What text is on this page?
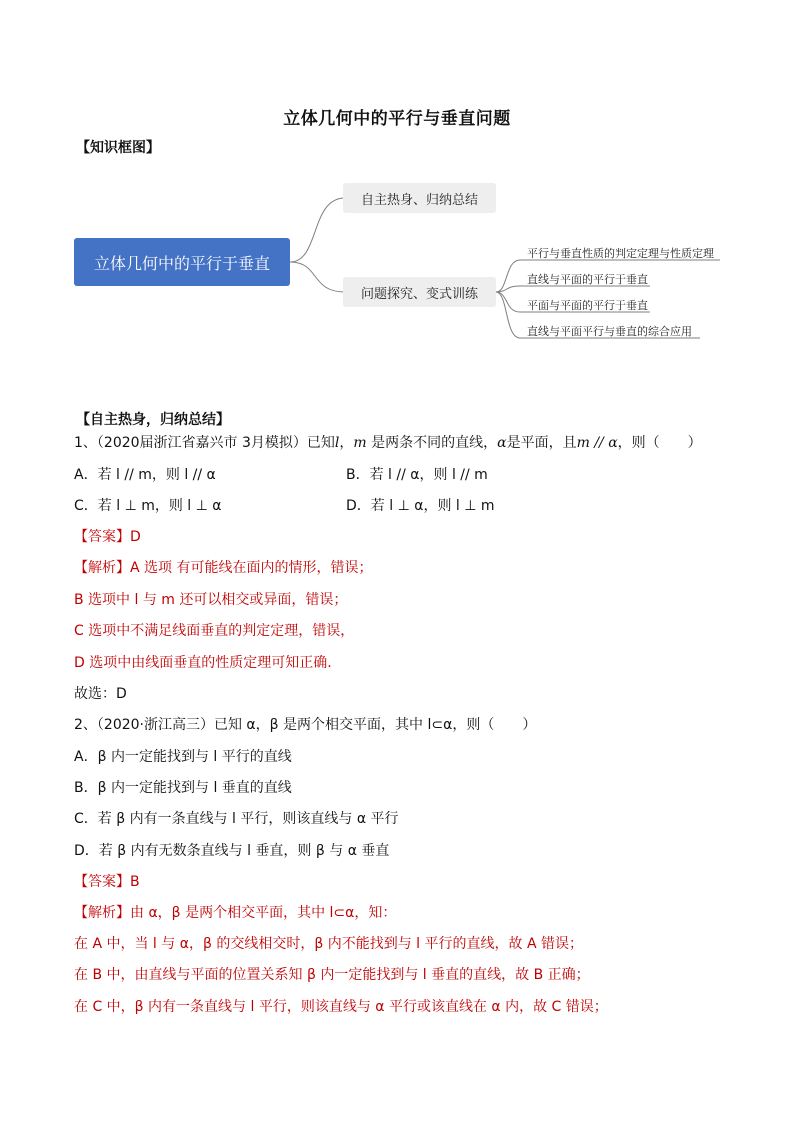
立体几何中的平行与垂直问题
【知识框图】
立体几何中的平行于垂直
自主热身、归纳总结
问题探究、变式训练
平行与垂直性质的判定定理与性质定理
直线与平面的平行于垂直
平面与平面的平行于垂直
直线与平面平行与垂直的综合应用
【自主热身，归纳总结】
1、（2020届浙江省嘉兴市 3月模拟）已知l，m 是两条不同的直线，α是平面，且m // α，则（　　）
A．若 l // m，则 l // α	B．若 l // α，则 l // m
C．若 l ⊥ m，则 l ⊥ α	D．若 l ⊥ α，则 l ⊥ m
【答案】D
【解析】A 选项 有可能线在面内的情形，错误；
B 选项中 l 与 m 还可以相交或异面，错误；
C 选项中不满足线面垂直的判定定理，错误，
D 选项中由线面垂直的性质定理可知正确.
故选：D
2、（2020·浙江高三）已知 α，β 是两个相交平面，其中 l⊂α，则（　　）
A．β 内一定能找到与 l 平行的直线
B．β 内一定能找到与 l 垂直的直线
C．若 β 内有一条直线与 l 平行，则该直线与 α 平行
D．若 β 内有无数条直线与 l 垂直，则 β 与 α 垂直
【答案】B
【解析】由 α，β 是两个相交平面，其中 l⊂α，知：
在 A 中，当 l 与 α，β 的交线相交时，β 内不能找到与 l 平行的直线，故 A 错误；
在 B 中，由直线与平面的位置关系知 β 内一定能找到与 l 垂直的直线，故 B 正确；
在 C 中，β 内有一条直线与 l 平行，则该直线与 α 平行或该直线在 α 内，故 C 错误；
